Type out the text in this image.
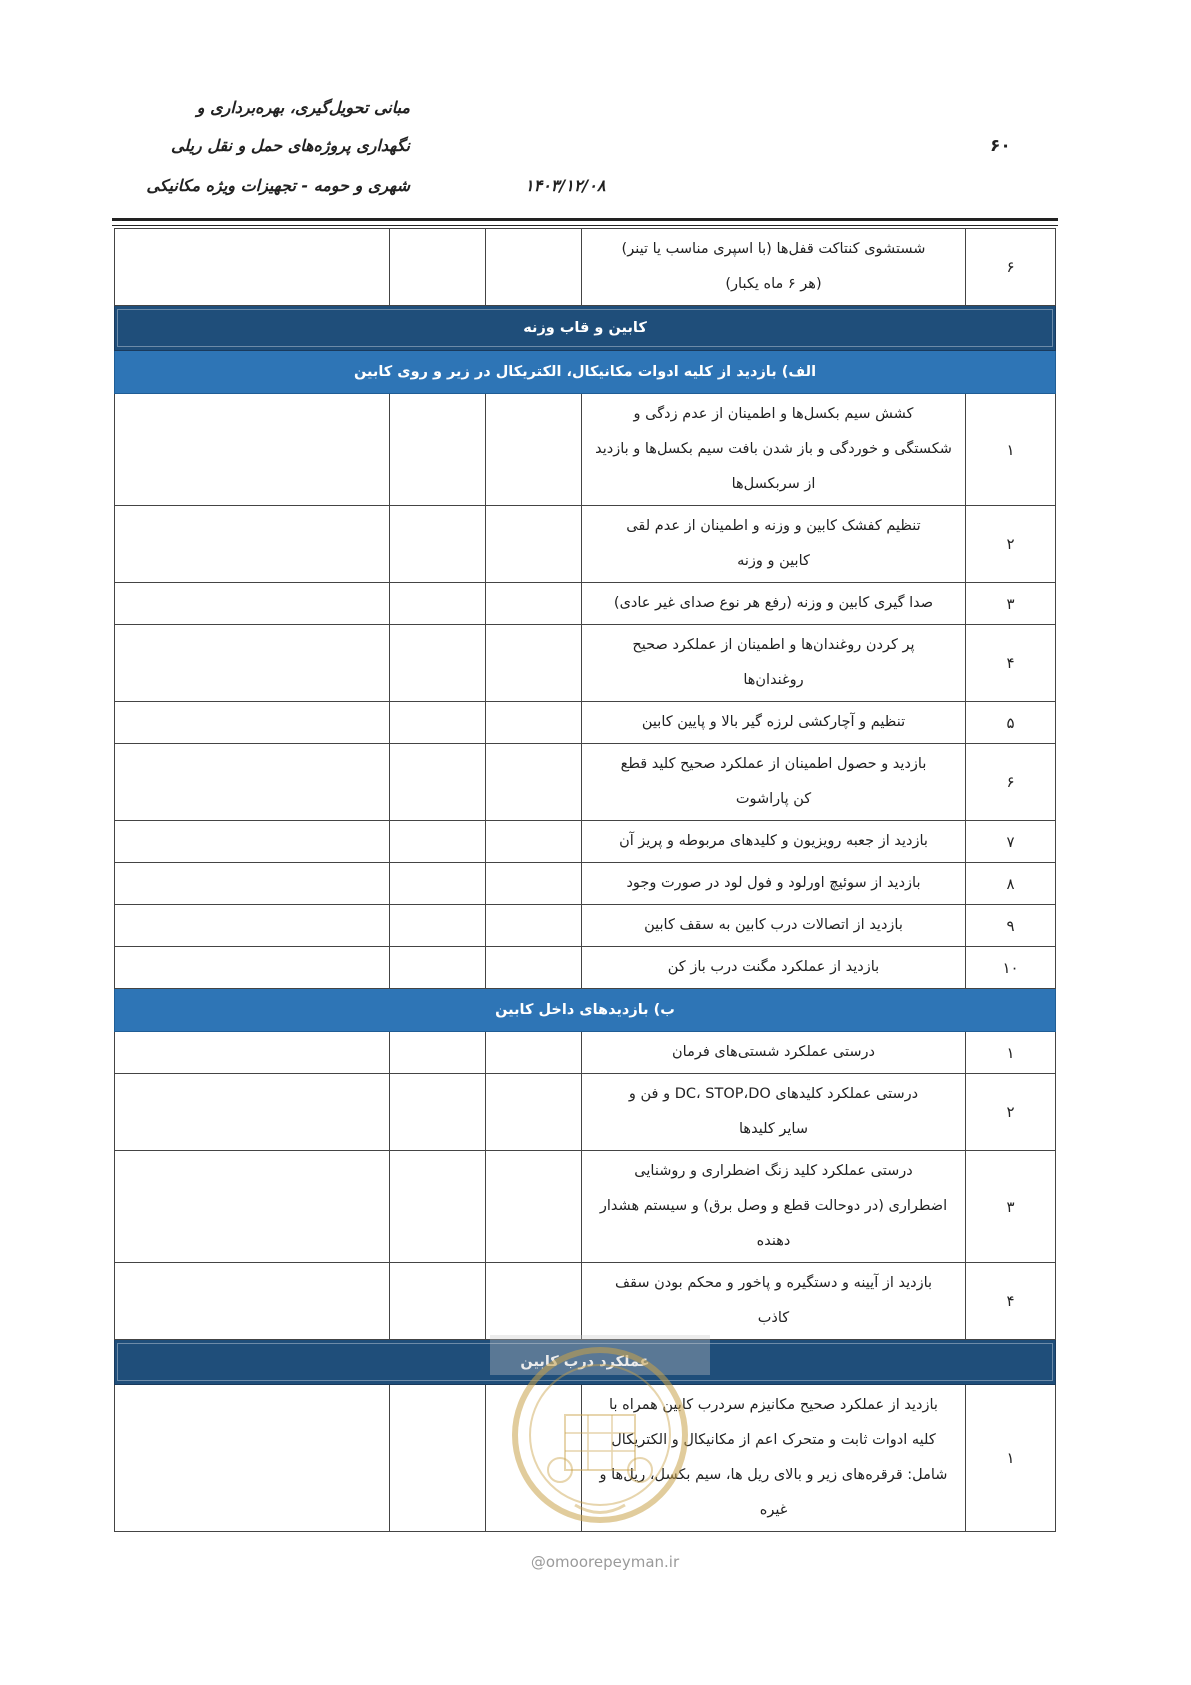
مبانی تحویل‌گیری، بهره‌برداری و
نگهداری پروژه‌های حمل و نقل ریلی
شهری و حومه - تجهیزات ویژه مکانیکی	۱۴۰۳/۱۲/۰۸
۶۰
۶	شستشوی کنتاکت قفل‌ها (با اسپری مناسب یا تینر)
(هر ۶ ماه یکبار)			

کابین و قاب وزنه				

الف) بازدید از کلیه ادوات مکانیکال، الکتریکال در زیر و روی کابین				
۱	کشش سیم بکسل‌ها و اطمینان از عدم زدگی و
شکستگی و خوردگی و باز شدن بافت سیم بکسل‌ها و بازدید
از سربکسل‌ها			

۲	تنظیم کفشک کابین و وزنه و اطمینان از عدم لقی
کابین و وزنه			

۳	صدا گیری کابین و وزنه (رفع هر نوع صدای غیر عادی)			

۴	پر کردن روغندان‌ها و اطمینان از عملکرد صحیح
روغندان‌ها			

۵	تنظیم و آچارکشی لرزه گیر بالا و پایین کابین			

۶	بازدید و حصول اطمینان از عملکرد صحیح کلید قطع
کن پاراشوت			

۷	بازدید از جعبه رویزیون و کلیدهای مربوطه و پریز آن			

۸	بازدید از سوئیچ اورلود و فول لود در صورت وجود			

۹	بازدید از اتصالات درب کابین به سقف کابین			

۱۰	بازدید از عملکرد مگنت درب باز کن			

ب) بازدیدهای داخل کابین				
۱	درستی عملکرد شستی‌های فرمان			

۲	درستی عملکرد کلیدهای DC، STOP،DO و فن و
سایر کلیدها			

۳	درستی عملکرد کلید زنگ اضطراری و روشنایی
اضطراری (در دوحالت قطع و وصل برق) و سیستم هشدار
دهنده			

۴	بازدید از آیینه و دستگیره و پاخور و محکم بودن سقف
کاذب			

عملکرد درب کابین				

۱	بازدید از عملکرد صحیح مکانیزم سردرب کابین همراه با
کلیه ادوات ثابت و متحرک اعم از مکانیکال و الکتریکال
شامل: قرقره‌های زیر و بالای ریل ها، سیم بکسل، ریل‌ها و
غیره			

@omoorepeyman.ir
